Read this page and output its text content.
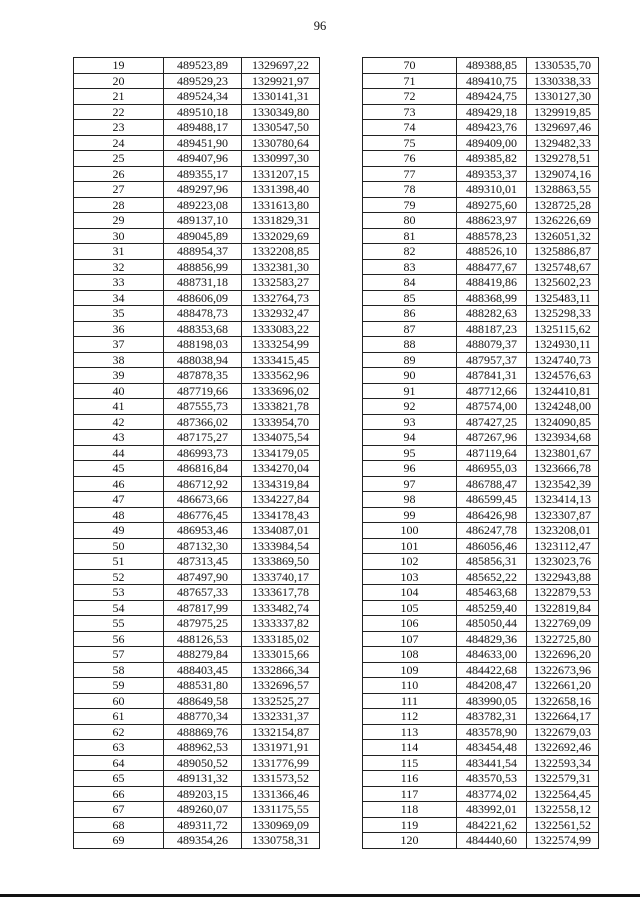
96
19	489523,89	1329697,22
20	489529,23	1329921,97
21	489524,34	1330141,31
22	489510,18	1330349,80
23	489488,17	1330547,50
24	489451,90	1330780,64
25	489407,96	1330997,30
26	489355,17	1331207,15
27	489297,96	1331398,40
28	489223,08	1331613,80
29	489137,10	1331829,31
30	489045,89	1332029,69
31	488954,37	1332208,85
32	488856,99	1332381,30
33	488731,18	1332583,27
34	488606,09	1332764,73
35	488478,73	1332932,47
36	488353,68	1333083,22
37	488198,03	1333254,99
38	488038,94	1333415,45
39	487878,35	1333562,96
40	487719,66	1333696,02
41	487555,73	1333821,78
42	487366,02	1333954,70
43	487175,27	1334075,54
44	486993,73	1334179,05
45	486816,84	1334270,04
46	486712,92	1334319,84
47	486673,66	1334227,84
48	486776,45	1334178,43
49	486953,46	1334087,01
50	487132,30	1333984,54
51	487313,45	1333869,50
52	487497,90	1333740,17
53	487657,33	1333617,78
54	487817,99	1333482,74
55	487975,25	1333337,82
56	488126,53	1333185,02
57	488279,84	1333015,66
58	488403,45	1332866,34
59	488531,80	1332696,57
60	488649,58	1332525,27
61	488770,34	1332331,37
62	488869,76	1332154,87
63	488962,53	1331971,91
64	489050,52	1331776,99
65	489131,32	1331573,52
66	489203,15	1331366,46
67	489260,07	1331175,55
68	489311,72	1330969,09
69	489354,26	1330758,31
70	489388,85	1330535,70
71	489410,75	1330338,33
72	489424,75	1330127,30
73	489429,18	1329919,85
74	489423,76	1329697,46
75	489409,00	1329482,33
76	489385,82	1329278,51
77	489353,37	1329074,16
78	489310,01	1328863,55
79	489275,60	1328725,28
80	488623,97	1326226,69
81	488578,23	1326051,32
82	488526,10	1325886,87
83	488477,67	1325748,67
84	488419,86	1325602,23
85	488368,99	1325483,11
86	488282,63	1325298,33
87	488187,23	1325115,62
88	488079,37	1324930,11
89	487957,37	1324740,73
90	487841,31	1324576,63
91	487712,66	1324410,81
92	487574,00	1324248,00
93	487427,25	1324090,85
94	487267,96	1323934,68
95	487119,64	1323801,67
96	486955,03	1323666,78
97	486788,47	1323542,39
98	486599,45	1323414,13
99	486426,98	1323307,87
100	486247,78	1323208,01
101	486056,46	1323112,47
102	485856,31	1323023,76
103	485652,22	1322943,88
104	485463,68	1322879,53
105	485259,40	1322819,84
106	485050,44	1322769,09
107	484829,36	1322725,80
108	484633,00	1322696,20
109	484422,68	1322673,96
110	484208,47	1322661,20
111	483990,05	1322658,16
112	483782,31	1322664,17
113	483578,90	1322679,03
114	483454,48	1322692,46
115	483441,54	1322593,34
116	483570,53	1322579,31
117	483774,02	1322564,45
118	483992,01	1322558,12
119	484221,62	1322561,52
120	484440,60	1322574,99
